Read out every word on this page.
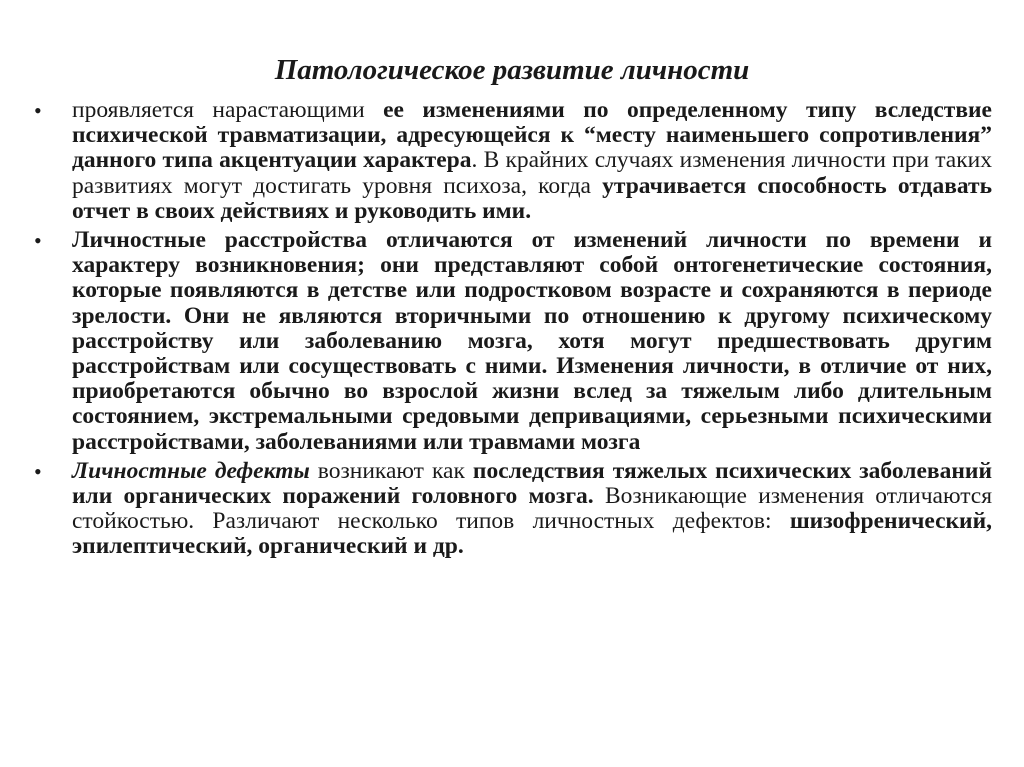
Патологическое развитие личности
•	проявляется нарастающими ее изменениями по определенному типу вследствие психической травматизации, адресующейся к “месту наименьшего сопротивления” данного типа акцентуации характера. В крайних случаях изменения личности при таких развитиях могут достигать уровня психоза, когда утрачивается способность отдавать отчет в своих действиях и руководить ими.
•	Личностные расстройства отличаются от изменений личности по времени и характеру возникновения; они представляют собой онтогенетические состояния, которые появляются в детстве или подростковом возрасте и сохраняются в периоде зрелости. Они не являются вторичными по отношению к другому психическому расстройству или заболеванию мозга, хотя могут предшествовать другим расстройствам или сосуществовать с ними. Изменения личности, в отличие от них, приобретаются обычно во взрослой жизни вслед за тяжелым либо длительным состоянием, экстремальными средовыми депривациями, серьезными психическими расстройствами, заболеваниями или травмами мозга
•	Личностные дефекты возникают как последствия тяжелых психических заболеваний или органических поражений головного мозга. Возникающие изменения отличаются стойкостью. Различают несколько типов личностных дефектов: шизофренический, эпилептический, органический и др.
